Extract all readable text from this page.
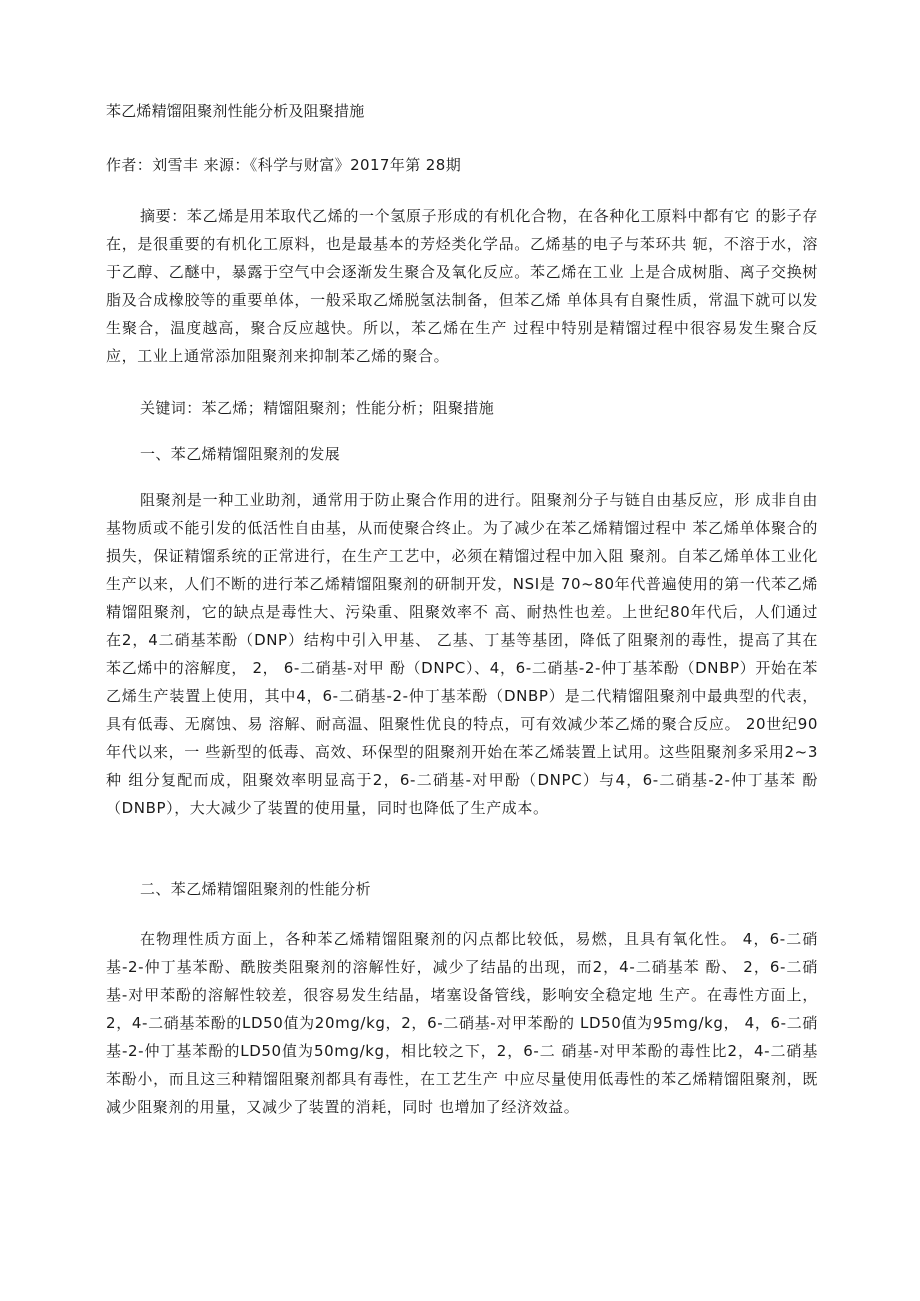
苯乙烯精馏阻聚剂性能分析及阻聚措施
作者：刘雪丰 来源：《科学与财富》2017年第 28期

摘要：苯乙烯是用苯取代乙烯的一个氢原子形成的有机化合物，在各种化工原料中都有它 的影子存在，是很重要的有机化工原料，也是最基本的芳烃类化学品。乙烯基的电子与苯环共 轭，不溶于水，溶于乙醇、乙醚中，暴露于空气中会逐渐发生聚合及氧化反应。苯乙烯在工业 上是合成树脂、离子交换树脂及合成橡胶等的重要单体，一般采取乙烯脱氢法制备，但苯乙烯 单体具有自聚性质，常温下就可以发生聚合，温度越高，聚合反应越快。所以，苯乙烯在生产 过程中特别是精馏过程中很容易发生聚合反应，工业上通常添加阻聚剂来抑制苯乙烯的聚合。

关键词：苯乙烯；精馏阻聚剂；性能分析；阻聚措施
一、苯乙烯精馏阻聚剂的发展

阻聚剂是一种工业助剂，通常用于防止聚合作用的进行。阻聚剂分子与链自由基反应，形 成非自由基物质或不能引发的低活性自由基，从而使聚合终止。为了减少在苯乙烯精馏过程中 苯乙烯单体聚合的损失，保证精馏系统的正常进行，在生产工艺中，必须在精馏过程中加入阻 聚剂。自苯乙烯单体工业化生产以来，人们不断的进行苯乙烯精馏阻聚剂的研制开发，NSI是 70~80年代普遍使用的第一代苯乙烯精馏阻聚剂，它的缺点是毒性大、污染重、阻聚效率不 高、耐热性也差。上世纪80年代后，人们通过在2，4二硝基苯酚（DNP）结构中引入甲基、 乙基、丁基等基团，降低了阻聚剂的毒性，提高了其在苯乙烯中的溶解度， 2， 6-二硝基-对甲 酚（DNPC）、4，6-二硝基-2-仲丁基苯酚（DNBP）开始在苯乙烯生产装置上使用，其中4，6-二硝基-2-仲丁基苯酚（DNBP）是二代精馏阻聚剂中最典型的代表，具有低毒、无腐蚀、易 溶解、耐高温、阻聚性优良的特点，可有效减少苯乙烯的聚合反应。 20世纪90年代以来，一 些新型的低毒、高效、环保型的阻聚剂开始在苯乙烯装置上试用。这些阻聚剂多采用2~3种 组分复配而成，阻聚效率明显高于2，6-二硝基-对甲酚（DNPC）与4，6-二硝基-2-仲丁基苯 酚（DNBP），大大减少了装置的使用量，同时也降低了生产成本。

二、苯乙烯精馏阻聚剂的性能分析

在物理性质方面上，各种苯乙烯精馏阻聚剂的闪点都比较低，易燃，且具有氧化性。 4，6-二硝基-2-仲丁基苯酚、酰胺类阻聚剂的溶解性好，减少了结晶的出现，而2，4-二硝基苯 酚、 2，6-二硝基-对甲苯酚的溶解性较差，很容易发生结晶，堵塞设备管线，影响安全稳定地 生产。在毒性方面上，2，4-二硝基苯酚的LD50值为20mg/kg，2，6-二硝基-对甲苯酚的 LD50值为95mg/kg， 4，6-二硝基-2-仲丁基苯酚的LD50值为50mg/kg，相比较之下，2，6-二 硝基-对甲苯酚的毒性比2，4-二硝基苯酚小，而且这三种精馏阻聚剂都具有毒性，在工艺生产 中应尽量使用低毒性的苯乙烯精馏阻聚剂，既减少阻聚剂的用量，又减少了装置的消耗，同时 也增加了经济效益。
